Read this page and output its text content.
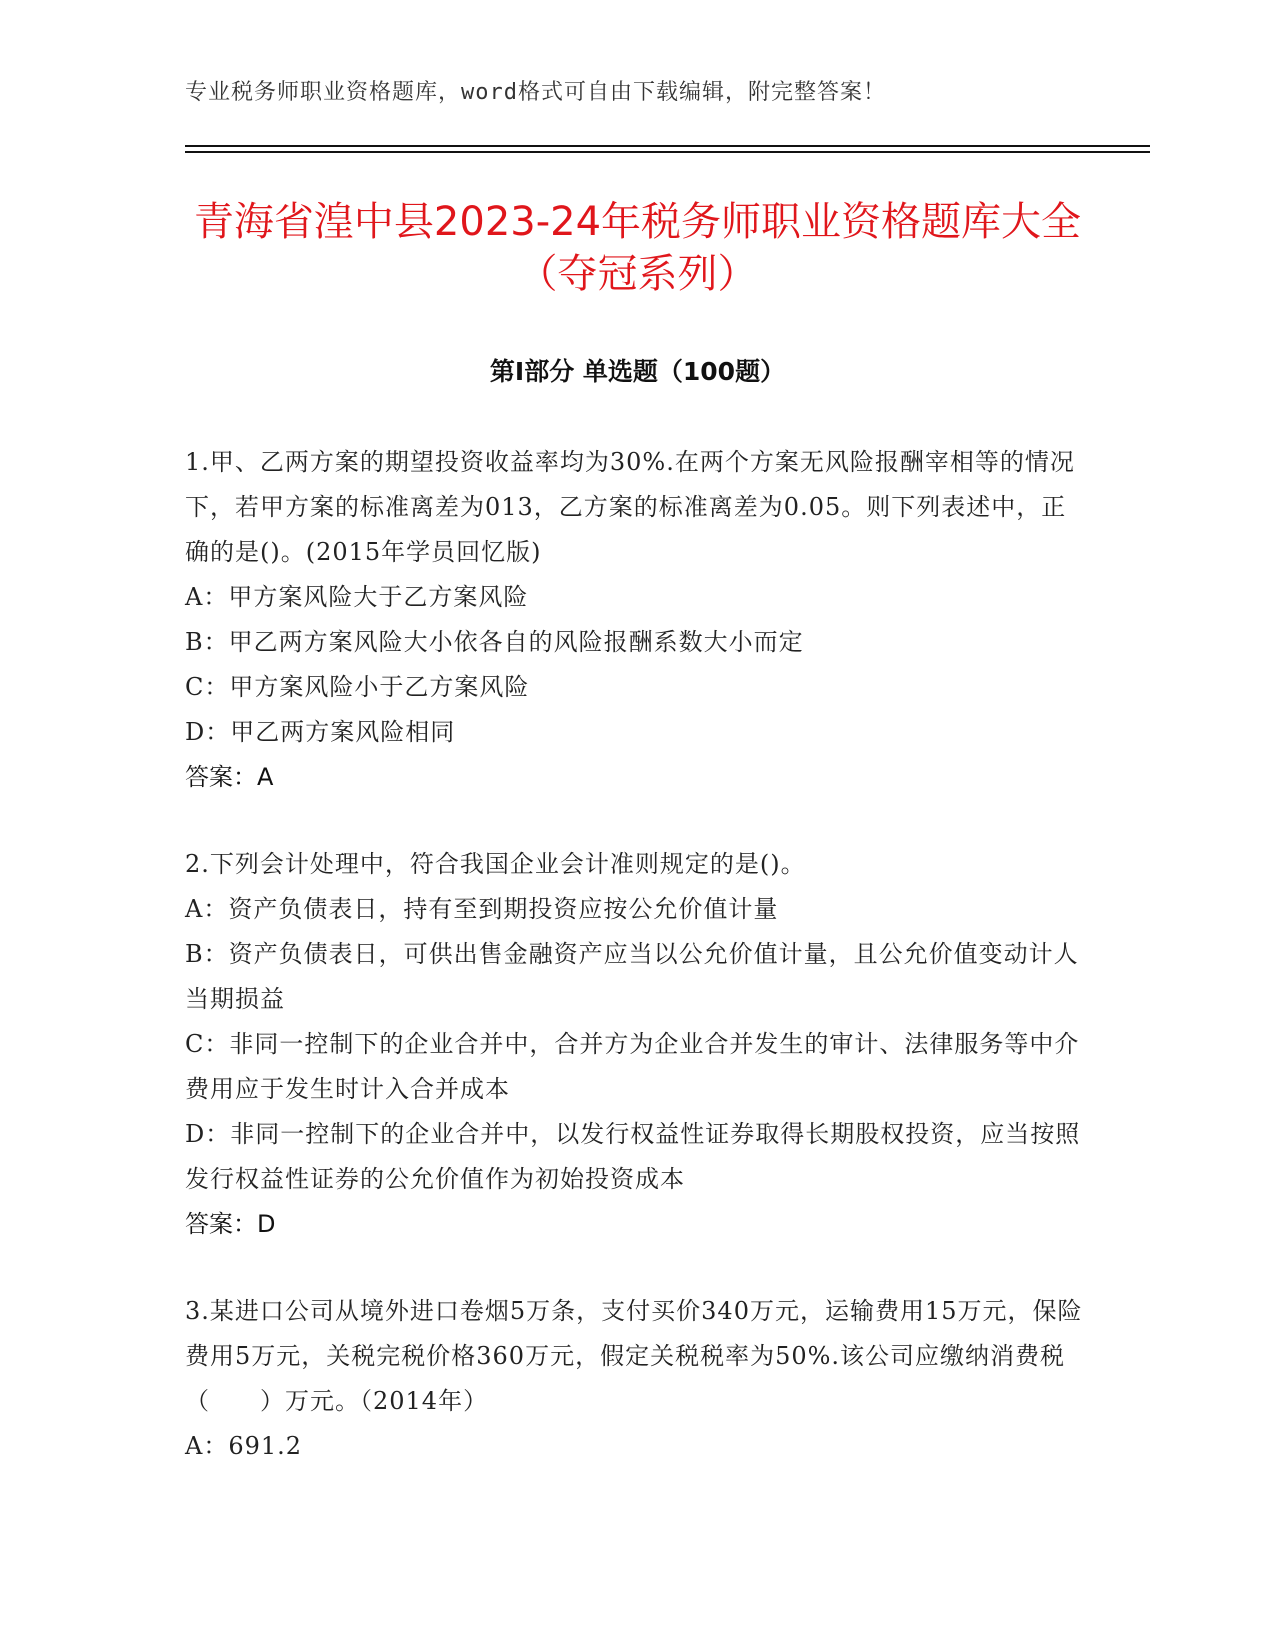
专业税务师职业资格题库，word格式可自由下载编辑，附完整答案！
青海省湟中县2023-24年税务师职业资格题库大全（夺冠系列）
第Ⅰ部分 单选题（100题）

1.甲、乙两方案的期望投资收益率均为30%.在两个方案无风险报酬宰相等的情况下，若甲方案的标准离差为013，乙方案的标准离差为0.05。则下列表述中，正确的是()。(2015年学员回忆版)

A：甲方案风险大于乙方案风险

B：甲乙两方案风险大小依各自的风险报酬系数大小而定

C：甲方案风险小于乙方案风险

D：甲乙两方案风险相同

答案：A

2.下列会计处理中，符合我国企业会计准则规定的是()。

A：资产负债表日，持有至到期投资应按公允价值计量

B：资产负债表日，可供出售金融资产应当以公允价值计量，且公允价值变动计人当期损益

C：非同一控制下的企业合并中，合并方为企业合并发生的审计、法律服务等中介费用应于发生时计入合并成本

D：非同一控制下的企业合并中，以发行权益性证券取得长期股权投资，应当按照发行权益性证券的公允价值作为初始投资成本

答案：D

3.某进口公司从境外进口卷烟5万条，支付买价340万元，运输费用15万元，保险费用5万元，关税完税价格360万元，假定关税税率为50%.该公司应缴纳消费税（　　）万元。（2014年）

A：691.2
